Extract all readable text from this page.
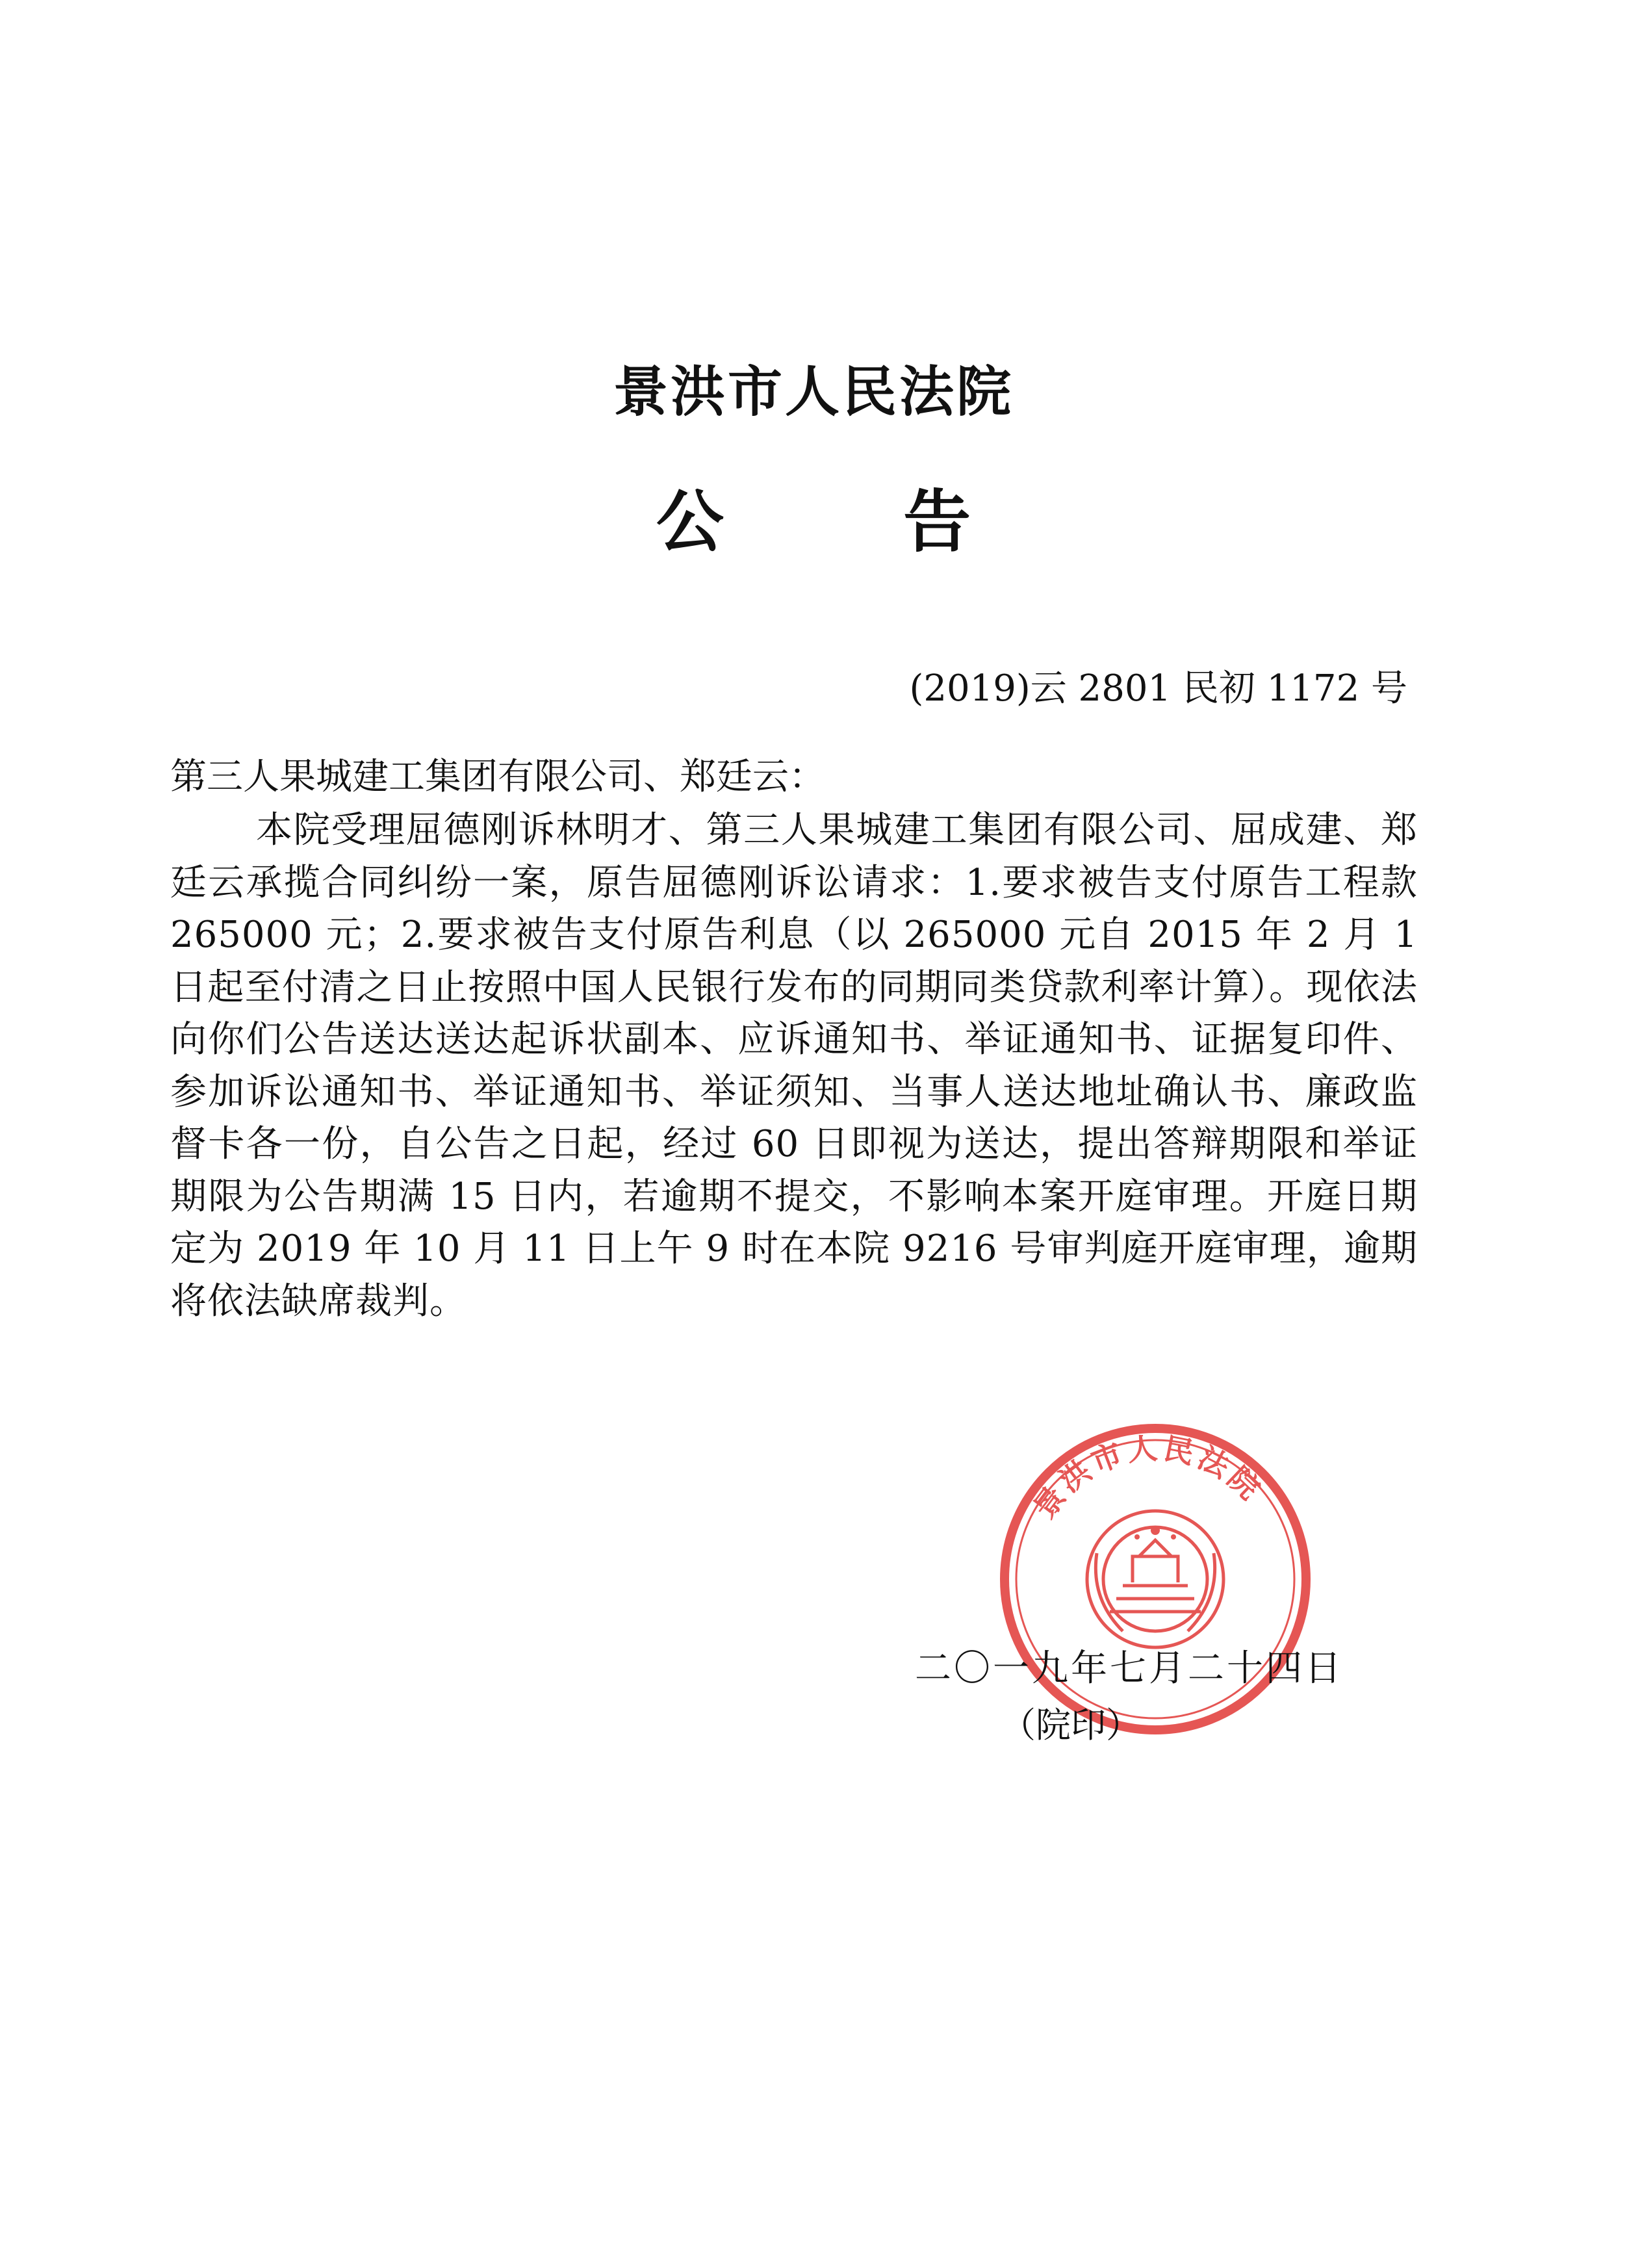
景洪市人民法院
公 告
(2019)云 2801 民初 1172 号
第三人果城建工集团有限公司、郑廷云：
本院受理屈德刚诉林明才、第三人果城建工集团有限公司、屈成建、郑廷云承揽合同纠纷一案，原告屈德刚诉讼请求：1.要求被告支付原告工程款 265000 元；2.要求被告支付原告利息（以 265000 元自 2015 年 2 月 1 日起至付清之日止按照中国人民银行发布的同期同类贷款利率计算）。现依法向你们公告送达送达起诉状副本、应诉通知书、举证通知书、证据复印件、参加诉讼通知书、举证通知书、举证须知、当事人送达地址确认书、廉政监督卡各一份，自公告之日起，经过 60 日即视为送达，提出答辩期限和举证期限为公告期满 15 日内，若逾期不提交，不影响本案开庭审理。开庭日期定为 2019 年 10 月 11 日上午 9 时在本院 9216 号审判庭开庭审理，逾期将依法缺席裁判。
景洪市人民法院
二〇一九年七月二十四日
（院印）
